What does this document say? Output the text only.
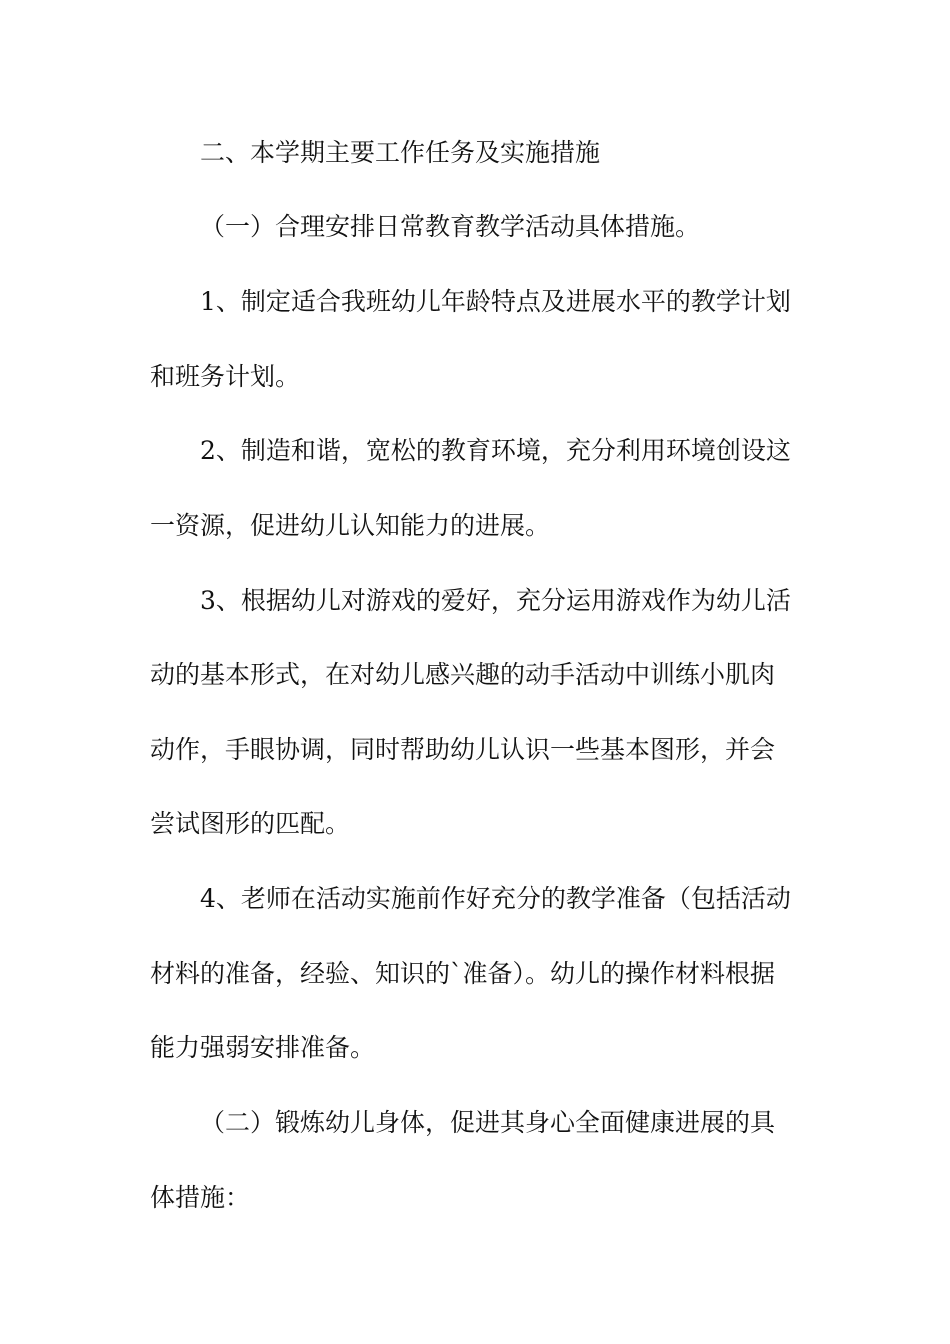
二、本学期主要工作任务及实施措施
（一）合理安排日常教育教学活动具体措施。
1、制定适合我班幼儿年龄特点及进展水平的教学计划
和班务计划。
2、制造和谐，宽松的教育环境，充分利用环境创设这
一资源，促进幼儿认知能力的进展。
3、根据幼儿对游戏的爱好，充分运用游戏作为幼儿活
动的基本形式，在对幼儿感兴趣的动手活动中训练小肌肉
动作，手眼协调，同时帮助幼儿认识一些基本图形，并会
尝试图形的匹配。
4、老师在活动实施前作好充分的教学准备（包括活动
材料的准备，经验、知识的`准备）。幼儿的操作材料根据
能力强弱安排准备。
（二）锻炼幼儿身体，促进其身心全面健康进展的具
体措施：
